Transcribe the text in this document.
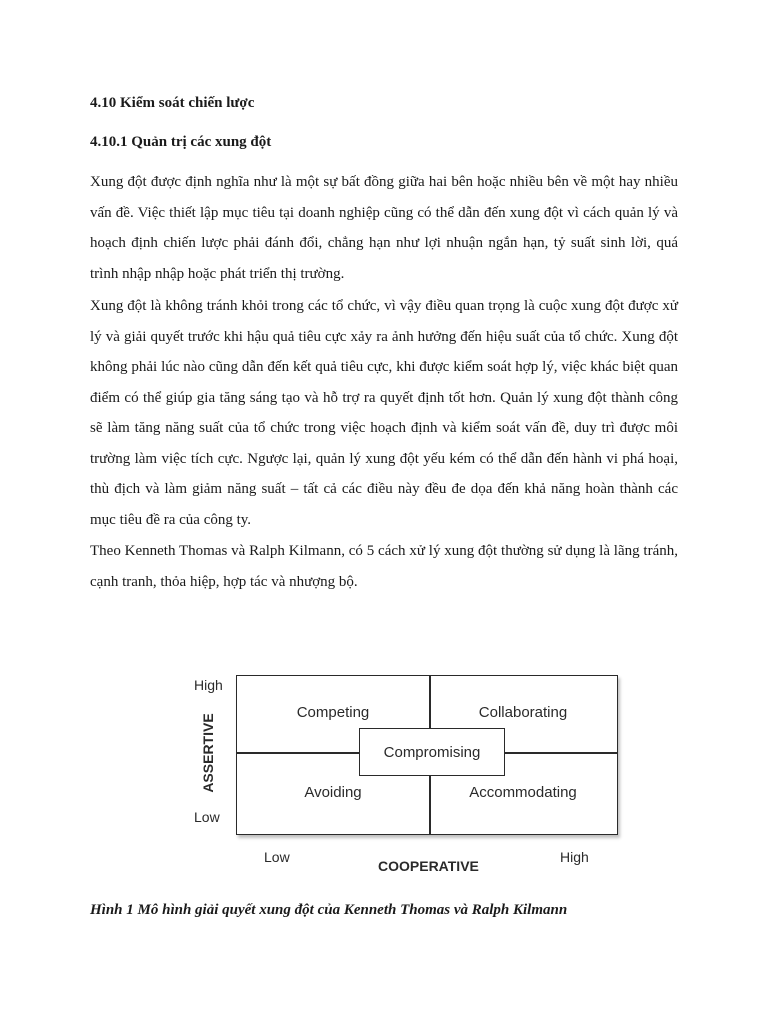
4.10 Kiểm soát chiến lược
4.10.1 Quản trị các xung đột

Xung đột được định nghĩa như là một sự bất đồng giữa hai bên hoặc nhiều bên về một hay nhiều vấn đề. Việc thiết lập mục tiêu tại doanh nghiệp cũng có thể dẫn đến xung đột vì cách quản lý và hoạch định chiến lược phải đánh đổi, chẳng hạn như lợi nhuận ngắn hạn, tỷ suất sinh lời, quá trình nhập nhập hoặc phát triển thị trường.

Xung đột là không tránh khỏi trong các tổ chức, vì vậy điều quan trọng là cuộc xung đột được xử lý và giải quyết trước khi hậu quả tiêu cực xảy ra ảnh hưởng đến hiệu suất của tổ chức. Xung đột không phải lúc nào cũng dẫn đến kết quả tiêu cực, khi được kiểm soát hợp lý, việc khác biệt quan điểm có thể giúp gia tăng sáng tạo và hỗ trợ ra quyết định tốt hơn. Quản lý xung đột thành công sẽ làm tăng năng suất của tổ chức trong việc hoạch định và kiểm soát vấn đề, duy trì được môi trường làm việc tích cực. Ngược lại, quản lý xung đột yếu kém có thể dẫn đến hành vi phá hoại, thù địch và làm giảm năng suất – tất cả các điều này đều đe dọa đến khả năng hoàn thành các mục tiêu đề ra của công ty.

Theo Kenneth Thomas và Ralph Kilmann, có 5 cách xử lý xung đột thường sử dụng là lãng tránh, cạnh tranh, thỏa hiệp, hợp tác và nhượng bộ.

High
Low
ASSERTIVE
Competing	Collaborating
Avoiding	Accommodating
Compromising
Low	High
COOPERATIVE
Hình 1 Mô hình giải quyết xung đột của Kenneth Thomas và Ralph Kilmann
